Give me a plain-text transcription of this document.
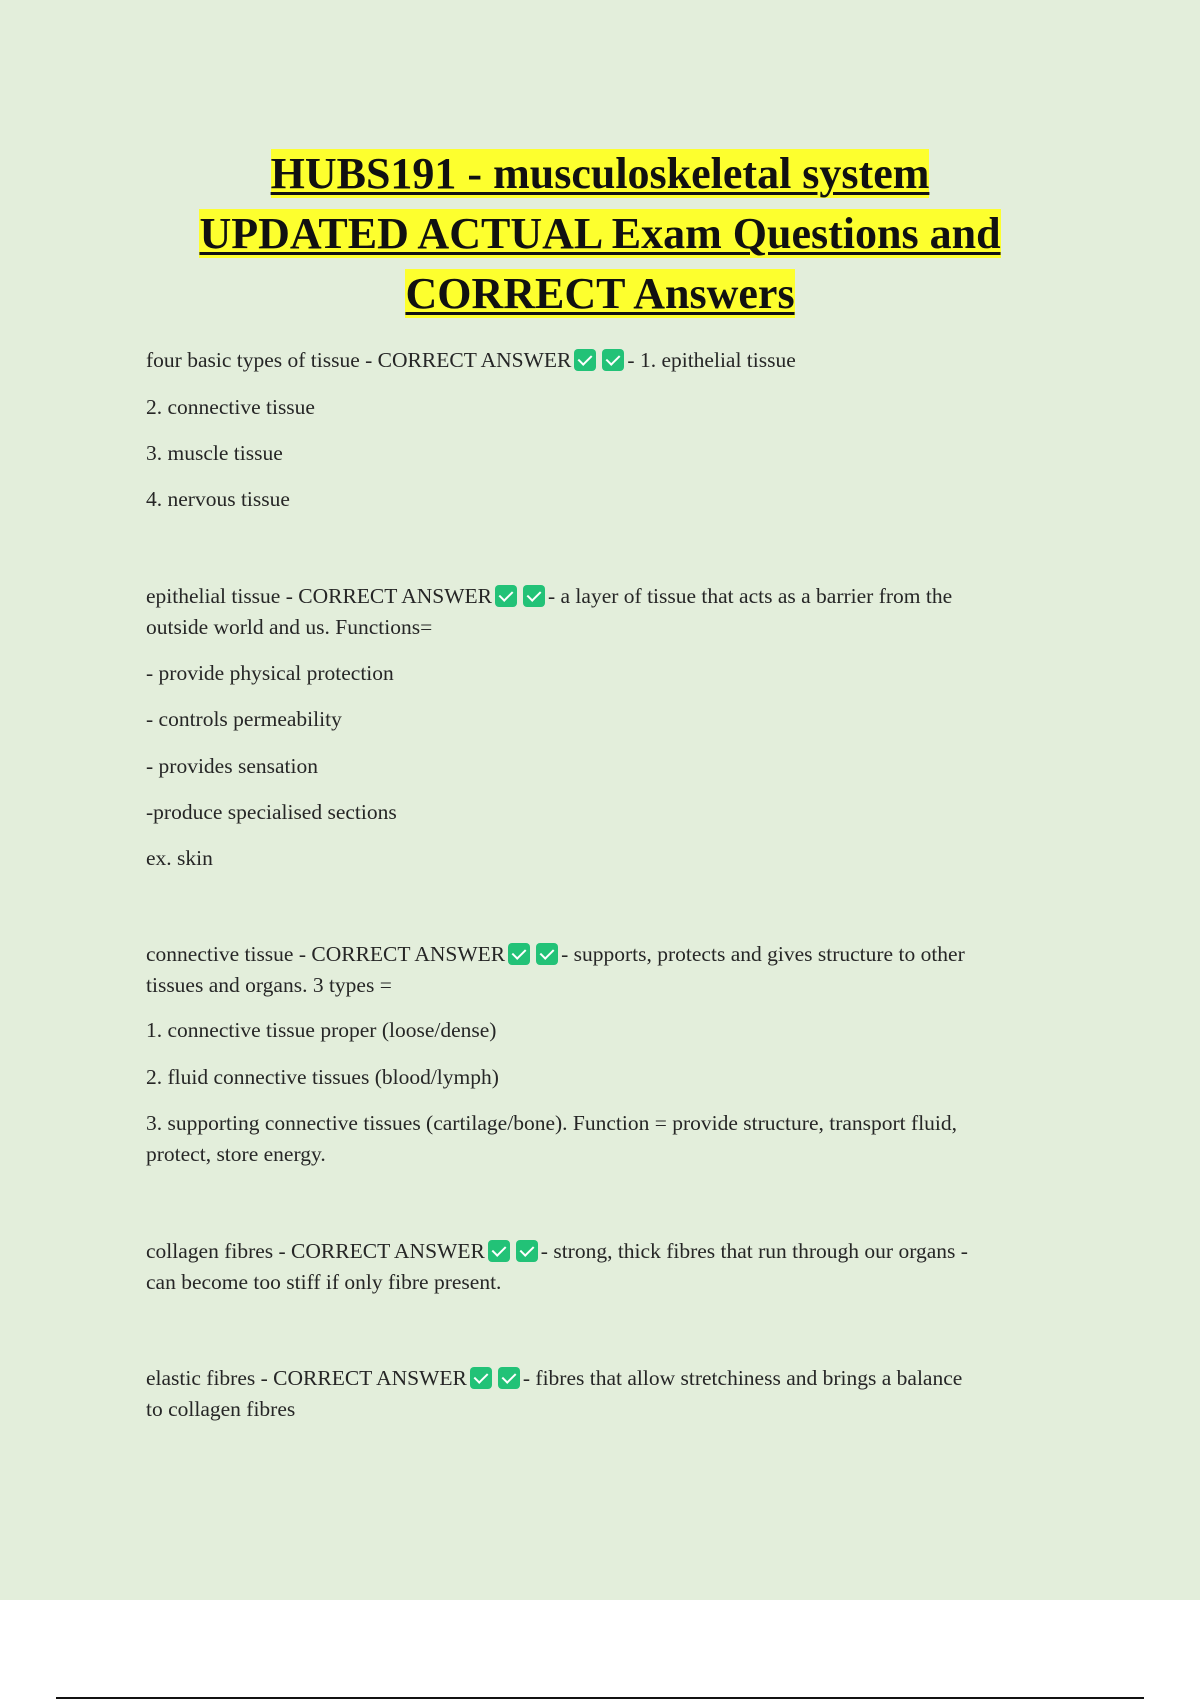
HUBS191 - musculoskeletal system
UPDATED ACTUAL Exam Questions and
CORRECT Answers
four basic types of tissue - CORRECT ANSWER	- 1. epithelial tissue
2. connective tissue
3. muscle tissue
4. nervous tissue
epithelial tissue - CORRECT ANSWER	- a layer of tissue that acts as a barrier from the
outside world and us. Functions=
- provide physical protection
- controls permeability
- provides sensation
-produce specialised sections
ex. skin
connective tissue - CORRECT ANSWER	- supports, protects and gives structure to other
tissues and organs. 3 types =
1. connective tissue proper (loose/dense)
2. fluid connective tissues (blood/lymph)
3. supporting connective tissues (cartilage/bone). Function = provide structure, transport fluid,
protect, store energy.
collagen fibres - CORRECT ANSWER	- strong, thick fibres that run through our organs -
can become too stiff if only fibre present.
elastic fibres - CORRECT ANSWER	- fibres that allow stretchiness and brings a balance
to collagen fibres
